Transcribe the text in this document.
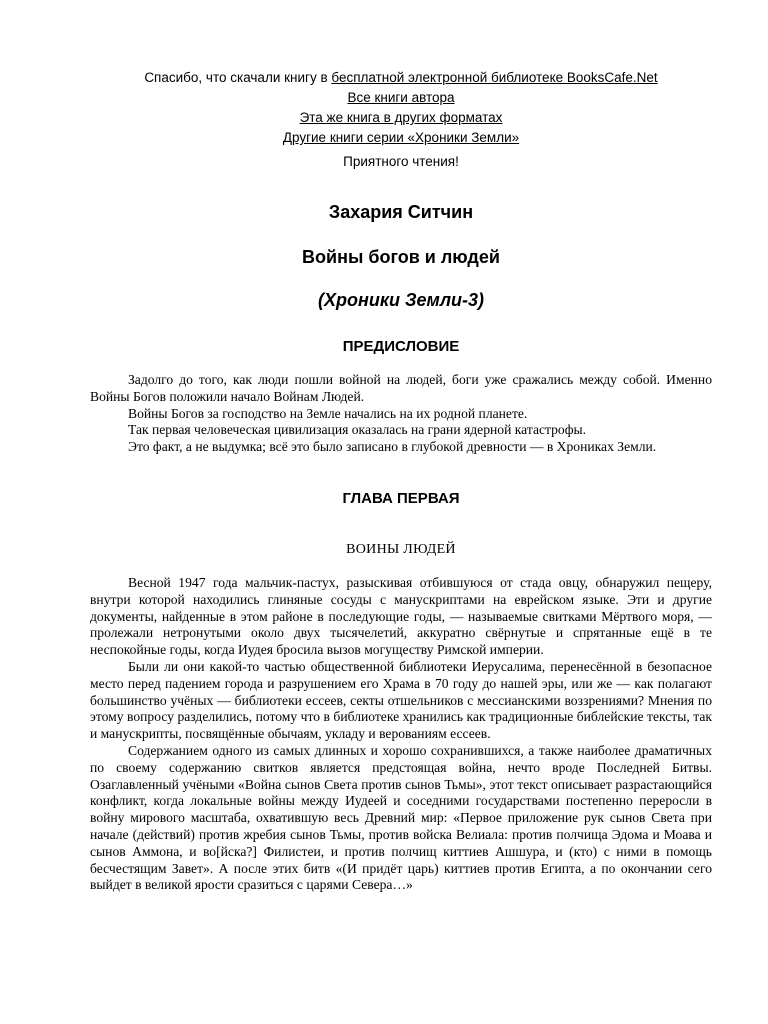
Спасибо, что скачали книгу в бесплатной электронной библиотеке BooksCafe.Net
Все книги автора
Эта же книга в других форматах
Другие книги серии «Хроники Земли»
Приятного чтения!
Захария Ситчин
Войны богов и людей
(Хроники Земли-3)
ПРЕДИСЛОВИЕ

Задолго до того, как люди пошли войной на людей, боги уже сражались между собой. Именно Войны Богов положили начало Войнам Людей.

Войны Богов за господство на Земле начались на их родной планете.

Так первая человеческая цивилизация оказалась на грани ядерной катастрофы.

Это факт, а не выдумка; всё это было записано в глубокой древности — в Хрониках Земли.

ГЛАВА ПЕРВАЯ
ВОИНЫ ЛЮДЕЙ

Весной 1947 года мальчик-пастух, разыскивая отбившуюся от стада овцу, обнаружил пещеру, внутри которой находились глиняные сосуды с манускриптами на еврейском языке. Эти и другие документы, найденные в этом районе в последующие годы, — называемые свитками Мёртвого моря, — пролежали нетронутыми около двух тысячелетий, аккуратно свёрнутые и спрятанные ещё в те неспокойные годы, когда Иудея бросила вызов могуществу Римской империи.

Были ли они какой-то частью общественной библиотеки Иерусалима, перенесённой в безопасное место перед падением города и разрушением его Храма в 70 году до нашей эры, или же — как полагают большинство учёных — библиотеки ессеев, секты отшельников с мессианскими воззрениями? Мнения по этому вопросу разделились, потому что в библиотеке хранились как традиционные библейские тексты, так и манускрипты, посвящённые обычаям, укладу и верованиям ессеев.

Содержанием одного из самых длинных и хорошо сохранившихся, а также наиболее драматичных по своему содержанию свитков является предстоящая война, нечто вроде Последней Битвы. Озаглавленный учёными «Война сынов Света против сынов Тьмы», этот текст описывает разрастающийся конфликт, когда локальные войны между Иудеей и соседними государствами постепенно переросли в войну мирового масштаба, охватившую весь Древний мир: «Первое приложение рук сынов Света при начале (действий) против жребия сынов Тьмы, против войска Велиала: против полчища Эдома и Моава и сынов Аммона, и во[йска?] Филистеи, и против полчищ киттиев Ашшура, и (кто) с ними в помощь бесчестящим Завет». А после этих битв «(И придёт царь) киттиев против Египта, а по окончании сего выйдет в великой ярости сразиться с царями Севера…»
